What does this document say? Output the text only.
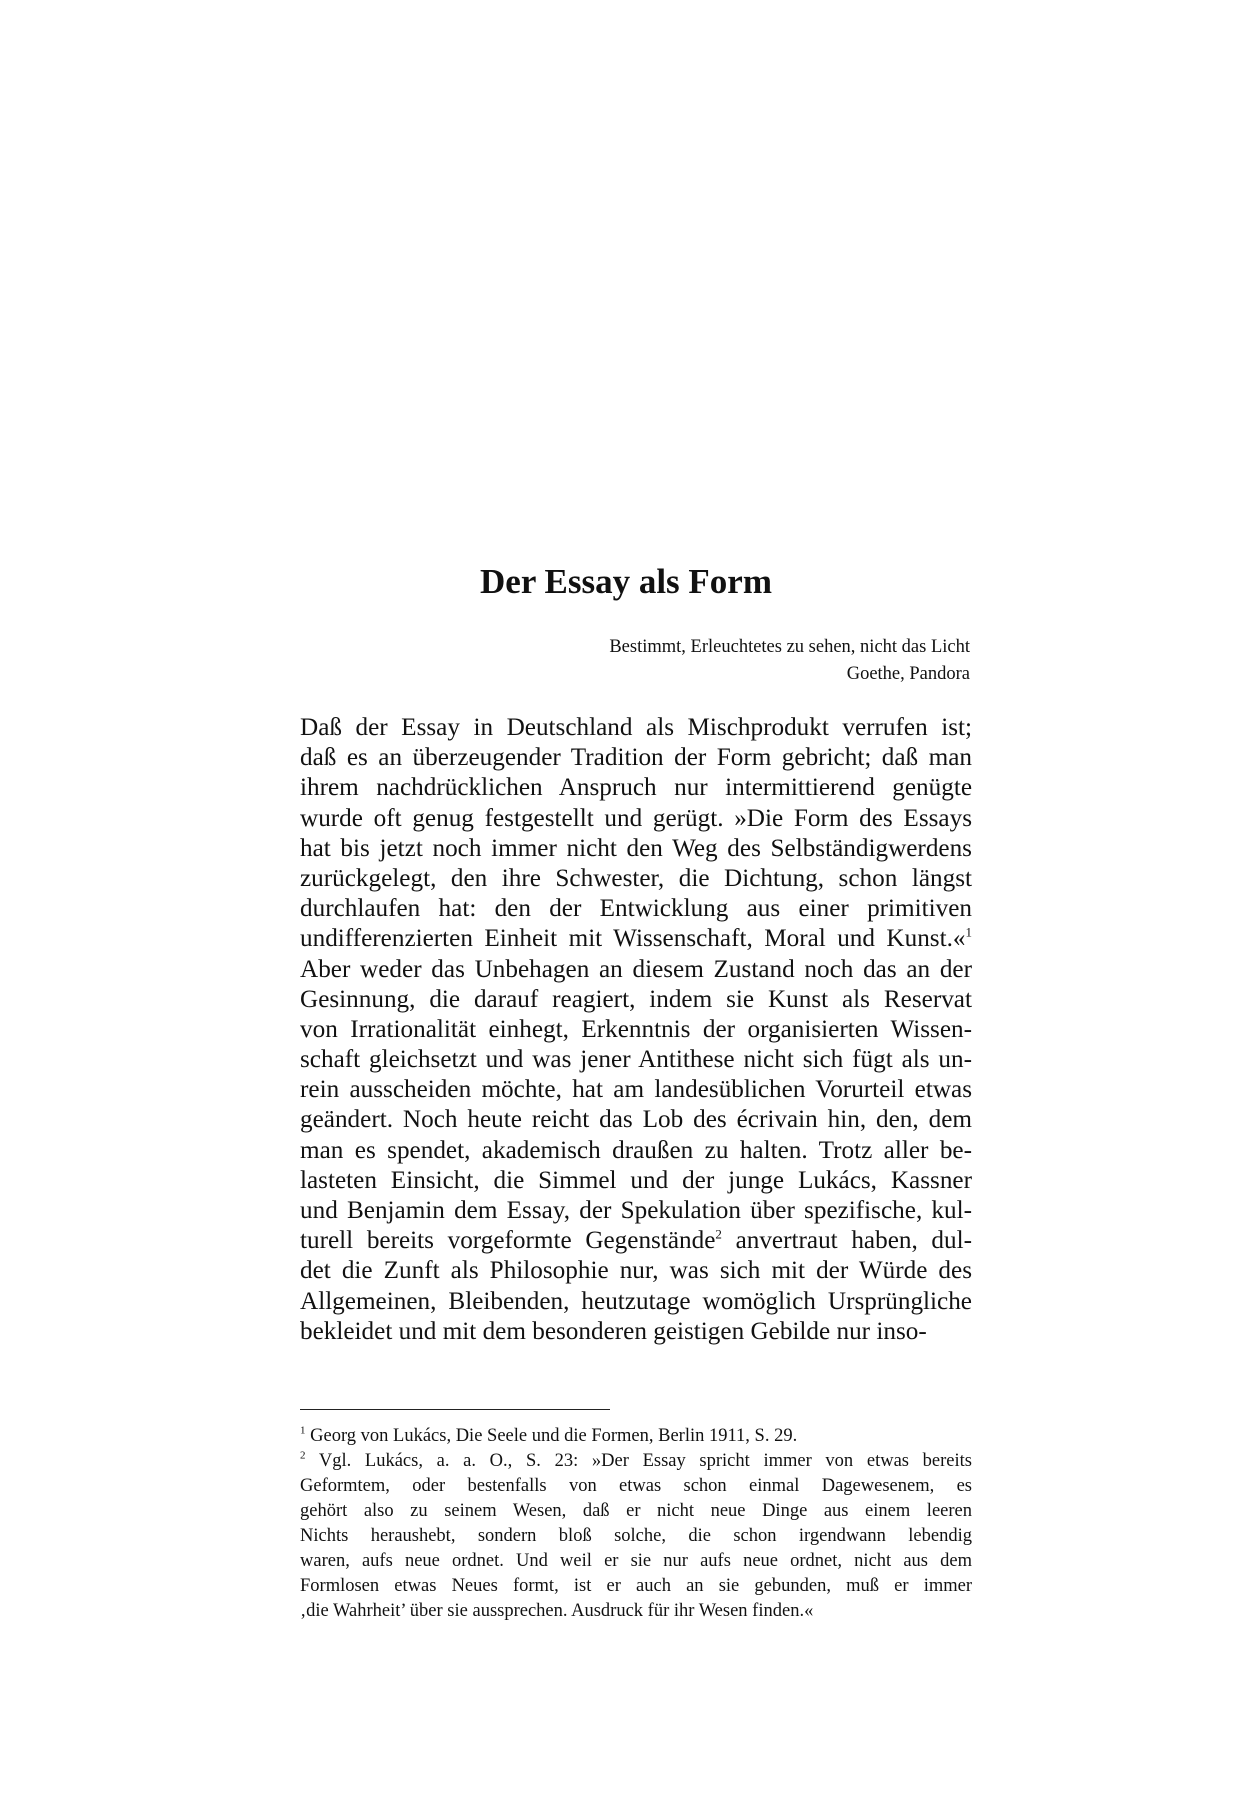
Der Essay als Form
Bestimmt, Erleuchtetes zu sehen, nicht das Licht
Goethe, Pandora
Daß der Essay in Deutschland als Mischprodukt verrufen ist;
daß es an überzeugender Tradition der Form gebricht; daß man
ihrem nachdrücklichen Anspruch nur intermittierend genügte
wurde oft genug festgestellt und gerügt. »Die Form des Essays
hat bis jetzt noch immer nicht den Weg des Selbständigwerdens
zurückgelegt, den ihre Schwester, die Dichtung, schon längst
durchlaufen hat: den der Entwicklung aus einer primitiven
undifferenzierten Einheit mit Wissenschaft, Moral und Kunst.«$^1$
Aber weder das Unbehagen an diesem Zustand noch das an der
Gesinnung, die darauf reagiert, indem sie Kunst als Reservat
von Irrationalität einhegt, Erkenntnis der organisierten Wissen-
schaft gleichsetzt und was jener Antithese nicht sich fügt als un-
rein ausscheiden möchte, hat am landesüblichen Vorurteil etwas
geändert. Noch heute reicht das Lob des écrivain hin, den, dem
man es spendet, akademisch draußen zu halten. Trotz aller be-
lasteten Einsicht, die Simmel und der junge Lukács, Kassner
und Benjamin dem Essay, der Spekulation über spezifische, kul-
turell bereits vorgeformte Gegenstände$^2$ anvertraut haben, dul-
det die Zunft als Philosophie nur, was sich mit der Würde des
Allgemeinen, Bleibenden, heutzutage womöglich Ursprüngliche
bekleidet und mit dem besonderen geistigen Gebilde nur inso-
$^1$ Georg von Lukács, Die Seele und die Formen, Berlin 1911, S. 29.
$^2$ Vgl. Lukács, a. a. O., S. 23: »Der Essay spricht immer von etwas bereits
Geformtem, oder bestenfalls von etwas schon einmal Dagewesenem, es
gehört also zu seinem Wesen, daß er nicht neue Dinge aus einem leeren
Nichts heraushebt, sondern bloß solche, die schon irgendwann lebendig
waren, aufs neue ordnet. Und weil er sie nur aufs neue ordnet, nicht aus dem
Formlosen etwas Neues formt, ist er auch an sie gebunden, muß er immer
‚die Wahrheit’ über sie aussprechen. Ausdruck für ihr Wesen finden.«
